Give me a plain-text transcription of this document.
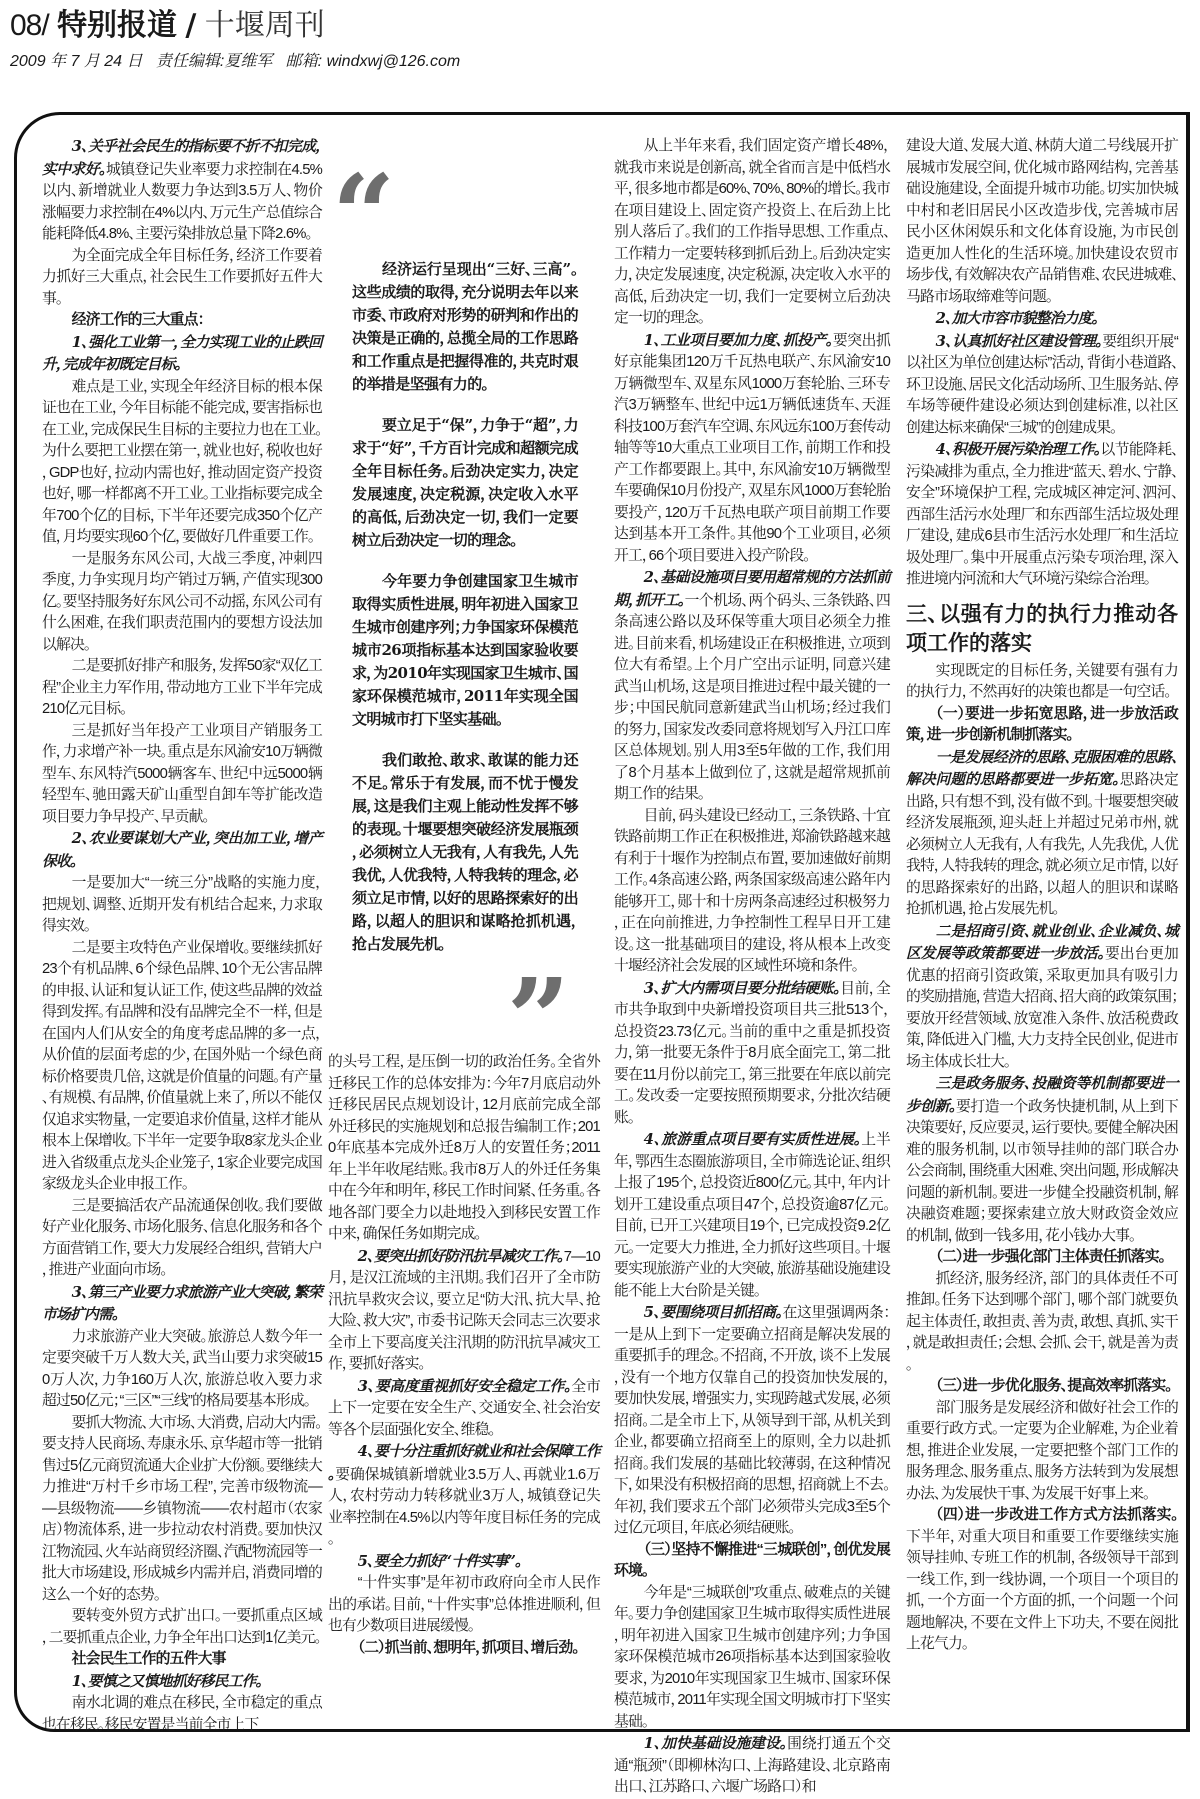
08/ 特别报道 / 十堰周刊
2009 年 7 月 24 日 责任编辑:夏维军 邮箱: windxwj@126.com

3、关乎社会民生的指标要不折不扣完成，实中求好。城镇登记失业率要力求控制在4.5%以内、新增就业人数要力争达到3.5万人、物价涨幅要力求控制在4%以内、万元生产总值综合能耗降低4.8%、主要污染排放总量下降2.6%。

为全面完成全年目标任务，经济工作要着力抓好三大重点，社会民生工作要抓好五件大事。

经济工作的三大重点：

1、强化工业第一，全力实现工业的止跌回升，完成年初既定目标。

难点是工业，实现全年经济目标的根本保证也在工业，今年目标能不能完成，要害指标也在工业，完成保民生目标的主要拉力也在工业。为什么要把工业摆在第一，就业也好，税收也好，GDP也好，拉动内需也好，推动固定资产投资也好，哪一样都离不开工业。工业指标要完成全年700个亿的目标，下半年还要完成350个亿产值，月均要实现60个亿，要做好几件重要工作。

一是服务东风公司，大战三季度，冲刺四季度，力争实现月均产销过万辆，产值实现300亿。要坚持服务好东风公司不动摇，东风公司有什么困难，在我们职责范围内的要想方设法加以解决。

二是要抓好排产和服务，发挥50家“双亿工程”企业主力军作用，带动地方工业下半年完成210亿元目标。

三是抓好当年投产工业项目产销服务工作，力求增产补一块。重点是东风渝安10万辆微型车、东风特汽5000辆客车、世纪中远5000辆轻型车、驰田露天矿山重型自卸车等扩能改造项目要力争早投产、早贡献。

2、农业要谋划大产业，突出加工业，增产保收。

一是要加大“一统三分”战略的实施力度，把规划、调整、近期开发有机结合起来，力求取得实效。

二是要主攻特色产业保增收。要继续抓好23个有机品牌、6个绿色品牌、10个无公害品牌的申报、认证和复认证工作，使这些品牌的效益得到发挥。有品牌和没有品牌完全不一样，但是在国内人们从安全的角度考虑品牌的多一点，从价值的层面考虑的少，在国外贴一个绿色商标价格要贵几倍，这就是价值量的问题。有产量、有规模、有品牌，价值量就上来了，所以不能仅仅追求实物量，一定要追求价值量，这样才能从根本上保增收。下半年一定要争取8家龙头企业进入省级重点龙头企业笼子，1家企业要完成国家级龙头企业申报工作。

三是要搞活农产品流通保创收。我们要做好产业化服务、市场化服务、信息化服务和各个方面营销工作，要大力发展经合组织，营销大户，推进产业面向市场。

3、第三产业要力求旅游产业大突破，繁荣市场扩内需。

力求旅游产业大突破。旅游总人数今年一定要突破千万人数大关，武当山要力求突破150万人次，力争160万人次，旅游总收入要力求超过50亿元；“三区”“三线”的格局要基本形成。

要抓大物流、大市场、大消费，启动大内需。要支持人民商场、寿康永乐、京华超市等一批销售过5亿元商贸流通大企业扩大份额。要继续大力推进“万村千乡市场工程”，完善市级物流——县级物流——乡镇物流——农村超市（农家店）物流体系，进一步拉动农村消费。要加快汉江物流园、火车站商贸经济圈、汽配物流园等一批大市场建设，形成城乡内需并启，消费同增的这么一个好的态势。

要转变外贸方式扩出口。一要抓重点区域，二要抓重点企业，力争全年出口达到1亿美元。

社会民生工作的五件大事

1、要慎之又慎地抓好移民工作。

南水北调的难点在移民，全市稳定的重点也在移民。移民安置是当前全市上下

“

经济运行呈现出“三好、三高”。这些成绩的取得，充分说明去年以来市委、市政府对形势的研判和作出的决策是正确的，总揽全局的工作思路和工作重点是把握得准的，共克时艰的举措是坚强有力的。

要立足于“保”，力争于“超”，力求于“好”，千方百计完成和超额完成全年目标任务。后劲决定实力，决定发展速度，决定税源，决定收入水平的高低，后劲决定一切，我们一定要树立后劲决定一切的理念。

今年要力争创建国家卫生城市取得实质性进展，明年初进入国家卫生城市创建序列；力争国家环保模范城市26项指标基本达到国家验收要求，为2010年实现国家卫生城市、国家环保模范城市，2011年实现全国文明城市打下坚实基础。

我们敢抢、敢求、敢谋的能力还不足。常乐于有发展，而不忧于慢发展，这是我们主观上能动性发挥不够的表现。十堰要想突破经济发展瓶颈，必须树立人无我有，人有我先，人先我优，人优我特，人特我转的理念，必须立足市情，以好的思路探索好的出路，以超人的胆识和谋略抢抓机遇，抢占发展先机。

”

的头号工程，是压倒一切的政治任务。全省外迁移民工作的总体安排为：今年7月底启动外迁移民居民点规划设计，12月底前完成全部外迁移民的实施规划和总报告编制工作；2010年底基本完成外迁8万人的安置任务；2011年上半年收尾结账。我市8万人的外迁任务集中在今年和明年，移民工作时间紧、任务重。各地各部门要全力以赴地投入到移民安置工作中来，确保任务如期完成。

2、要突出抓好防汛抗旱减灾工作。7—10月，是汉江流域的主汛期。我们召开了全市防汛抗旱救灾会议，要立足“防大汛、抗大旱、抢大险、救大灾”，市委书记陈天会同志三次要求全市上下要高度关注汛期的防汛抗旱减灾工作，要抓好落实。

3、要高度重视抓好安全稳定工作。全市上下一定要在安全生产、交通安全、社会治安等各个层面强化安全、维稳。

4、要十分注重抓好就业和社会保障工作。要确保城镇新增就业3.5万人、再就业1.6万人，农村劳动力转移就业3万人，城镇登记失业率控制在4.5%以内等年度目标任务的完成。

5、要全力抓好“十件实事”。

“十件实事”是年初市政府向全市人民作出的承诺。目前，“十件实事”总体推进顺利，但也有少数项目进展缓慢。

（二）抓当前、想明年，抓项目、增后劲。

从上半年来看，我们固定资产增长48%，就我市来说是创新高，就全省而言是中低档水平，很多地市都是60%、70%、80%的增长。我市在项目建设上、固定资产投资上、在后劲上比别人落后了。我们的工作指导思想、工作重点、工作精力一定要转移到抓后劲上。后劲决定实力，决定发展速度，决定税源，决定收入水平的高低，后劲决定一切，我们一定要树立后劲决定一切的理念。

1、工业项目要加力度、抓投产。要突出抓好京能集团120万千瓦热电联产、东风渝安10万辆微型车、双星东风1000万套轮胎、三环专汽3万辆整车、世纪中远1万辆低速货车、天涯科技100万套汽车空调、东风远东100万套传动轴等等10大重点工业项目工作，前期工作和投产工作都要跟上。其中，东风渝安10万辆微型车要确保10月份投产，双星东风1000万套轮胎要投产，120万千瓦热电联产项目前期工作要达到基本开工条件。其他90个工业项目，必须开工，66个项目要进入投产阶段。

2、基础设施项目要用超常规的方法抓前期，抓开工。一个机场、两个码头、三条铁路、四条高速公路以及环保等重大项目必须全力推进。目前来看，机场建设正在积极推进，立项到位大有希望。上个月广空出示证明，同意兴建武当山机场，这是项目推进过程中最关键的一步；中国民航同意新建武当山机场；经过我们的努力，国家发改委同意将规划写入丹江口库区总体规划。别人用3至5年做的工作，我们用了8个月基本上做到位了，这就是超常规抓前期工作的结果。

目前，码头建设已经动工，三条铁路、十宜铁路前期工作正在积极推进，郑渝铁路越来越有利于十堰作为控制点布置，要加速做好前期工作。4条高速公路，两条国家级高速公路年内能够开工，郧十和十房两条高速经过积极努力，正在向前推进，力争控制性工程早日开工建设。这一批基础项目的建设，将从根本上改变十堰经济社会发展的区域性环境和条件。

3、扩大内需项目要分批结硬账。目前，全市共争取到中央新增投资项目共三批513个，总投资23.73亿元。当前的重中之重是抓投资力，第一批要无条件于8月底全面完工，第二批要在11月份以前完工，第三批要在年底以前完工。发改委一定要按照预期要求，分批次结硬账。

4、旅游重点项目要有实质性进展。上半年，鄂西生态圈旅游项目，全市筛选论证、组织上报了195个，总投资近800亿元。其中，年内计划开工建设重点项目47个，总投资逾87亿元。目前，已开工兴建项目19个，已完成投资9.2亿元。一定要大力推进，全力抓好这些项目。十堰要实现旅游产业的大突破，旅游基础设施建设能不能上大台阶是关键。

5、要围绕项目抓招商。在这里强调两条：一是从上到下一定要确立招商是解决发展的重要抓手的理念。不招商，不开放，谈不上发展，没有一个地方仅靠自己的投资加快发展的，要加快发展，增强实力，实现跨越式发展，必须招商。二是全市上下，从领导到干部，从机关到企业，都要确立招商至上的原则，全力以赴抓招商。我们发展的基础比较薄弱，在这种情况下，如果没有积极招商的思想，招商就上不去。年初，我们要求五个部门必须带头完成3至5个过亿元项目，年底必须结硬账。

（三）坚持不懈推进“三城联创”，创优发展环境。

今年是“三城联创”攻重点、破难点的关键年。要力争创建国家卫生城市取得实质性进展，明年初进入国家卫生城市创建序列；力争国家环保模范城市26项指标基本达到国家验收要求，为2010年实现国家卫生城市、国家环保模范城市，2011年实现全国文明城市打下坚实基础。

1、加快基础设施建设。围绕打通五个交通“瓶颈”（即柳林沟口、上海路建设、北京路南出口、江苏路口、六堰广场路口）和

建设大道、发展大道、林荫大道二号线展开扩展城市发展空间，优化城市路网结构，完善基础设施建设，全面提升城市功能。切实加快城中村和老旧居民小区改造步伐，完善城市居民小区休闲娱乐和文化体育设施，为市民创造更加人性化的生活环境。加快建设农贸市场步伐，有效解决农产品销售难、农民进城难、马路市场取缔难等问题。

2、加大市容市貌整治力度。

3、认真抓好社区建设管理。要组织开展“以社区为单位创建达标”活动，背街小巷道路、环卫设施、居民文化活动场所、卫生服务站、停车场等硬件建设必须达到创建标准，以社区创建达标来确保“三城”的创建成果。

4、积极开展污染治理工作。以节能降耗、污染减排为重点，全力推进“蓝天、碧水、宁静、安全”环境保护工程，完成城区神定河、泗河、西部生活污水处理厂和东西部生活垃圾处理厂建设，建成6县市生活污水处理厂和生活垃圾处理厂。集中开展重点污染专项治理，深入推进境内河流和大气环境污染综合治理。

三、以强有力的执行力推动各项工作的落实

实现既定的目标任务，关键要有强有力的执行力，不然再好的决策也都是一句空话。

（一）要进一步拓宽思路，进一步放活政策，进一步创新机制抓落实。

一是发展经济的思路、克服困难的思路、解决问题的思路都要进一步拓宽。思路决定出路，只有想不到，没有做不到。十堰要想突破经济发展瓶颈，迎头赶上并超过兄弟市州，就必须树立人无我有，人有我先，人先我优，人优我特，人特我转的理念，就必须立足市情，以好的思路探索好的出路，以超人的胆识和谋略抢抓机遇，抢占发展先机。

二是招商引资、就业创业、企业减负、城区发展等政策都要进一步放活。要出台更加优惠的招商引资政策，采取更加具有吸引力的奖励措施，营造大招商、招大商的政策氛围；要放开经营领域、放宽准入条件、放活税费政策，降低进入门槛，大力支持全民创业，促进市场主体成长壮大。

三是政务服务、投融资等机制都要进一步创新。要打造一个政务快捷机制，从上到下决策要好，反应要灵，运行要快。要健全解决困难的服务机制，以市领导挂帅的部门联合办公会商制，围绕重大困难、突出问题，形成解决问题的新机制。要进一步健全投融资机制，解决融资难题；要探索建立放大财政资金效应的机制，做到一钱多用，花小钱办大事。

（二）进一步强化部门主体责任抓落实。

抓经济，服务经济，部门的具体责任不可推卸。任务下达到哪个部门，哪个部门就要负起主体责任，敢担责、善为责，敢想、真抓、实干，就是敢担责任；会想、会抓、会干，就是善为责。

（三）进一步优化服务、提高效率抓落实。

部门服务是发展经济和做好社会工作的重要行政方式。一定要为企业解难，为企业着想，推进企业发展，一定要把整个部门工作的服务理念、服务重点、服务方法转到为发展想办法、为发展快干事、为发展干好事上来。

（四）进一步改进工作方式方法抓落实。下半年，对重大项目和重要工作要继续实施领导挂帅、专班工作的机制，各级领导干部到一线工作，到一线协调，一个项目一个项目的抓，一个方面一个方面的抓，一个问题一个问题地解决，不要在文件上下功夫，不要在阅批上花气力。
